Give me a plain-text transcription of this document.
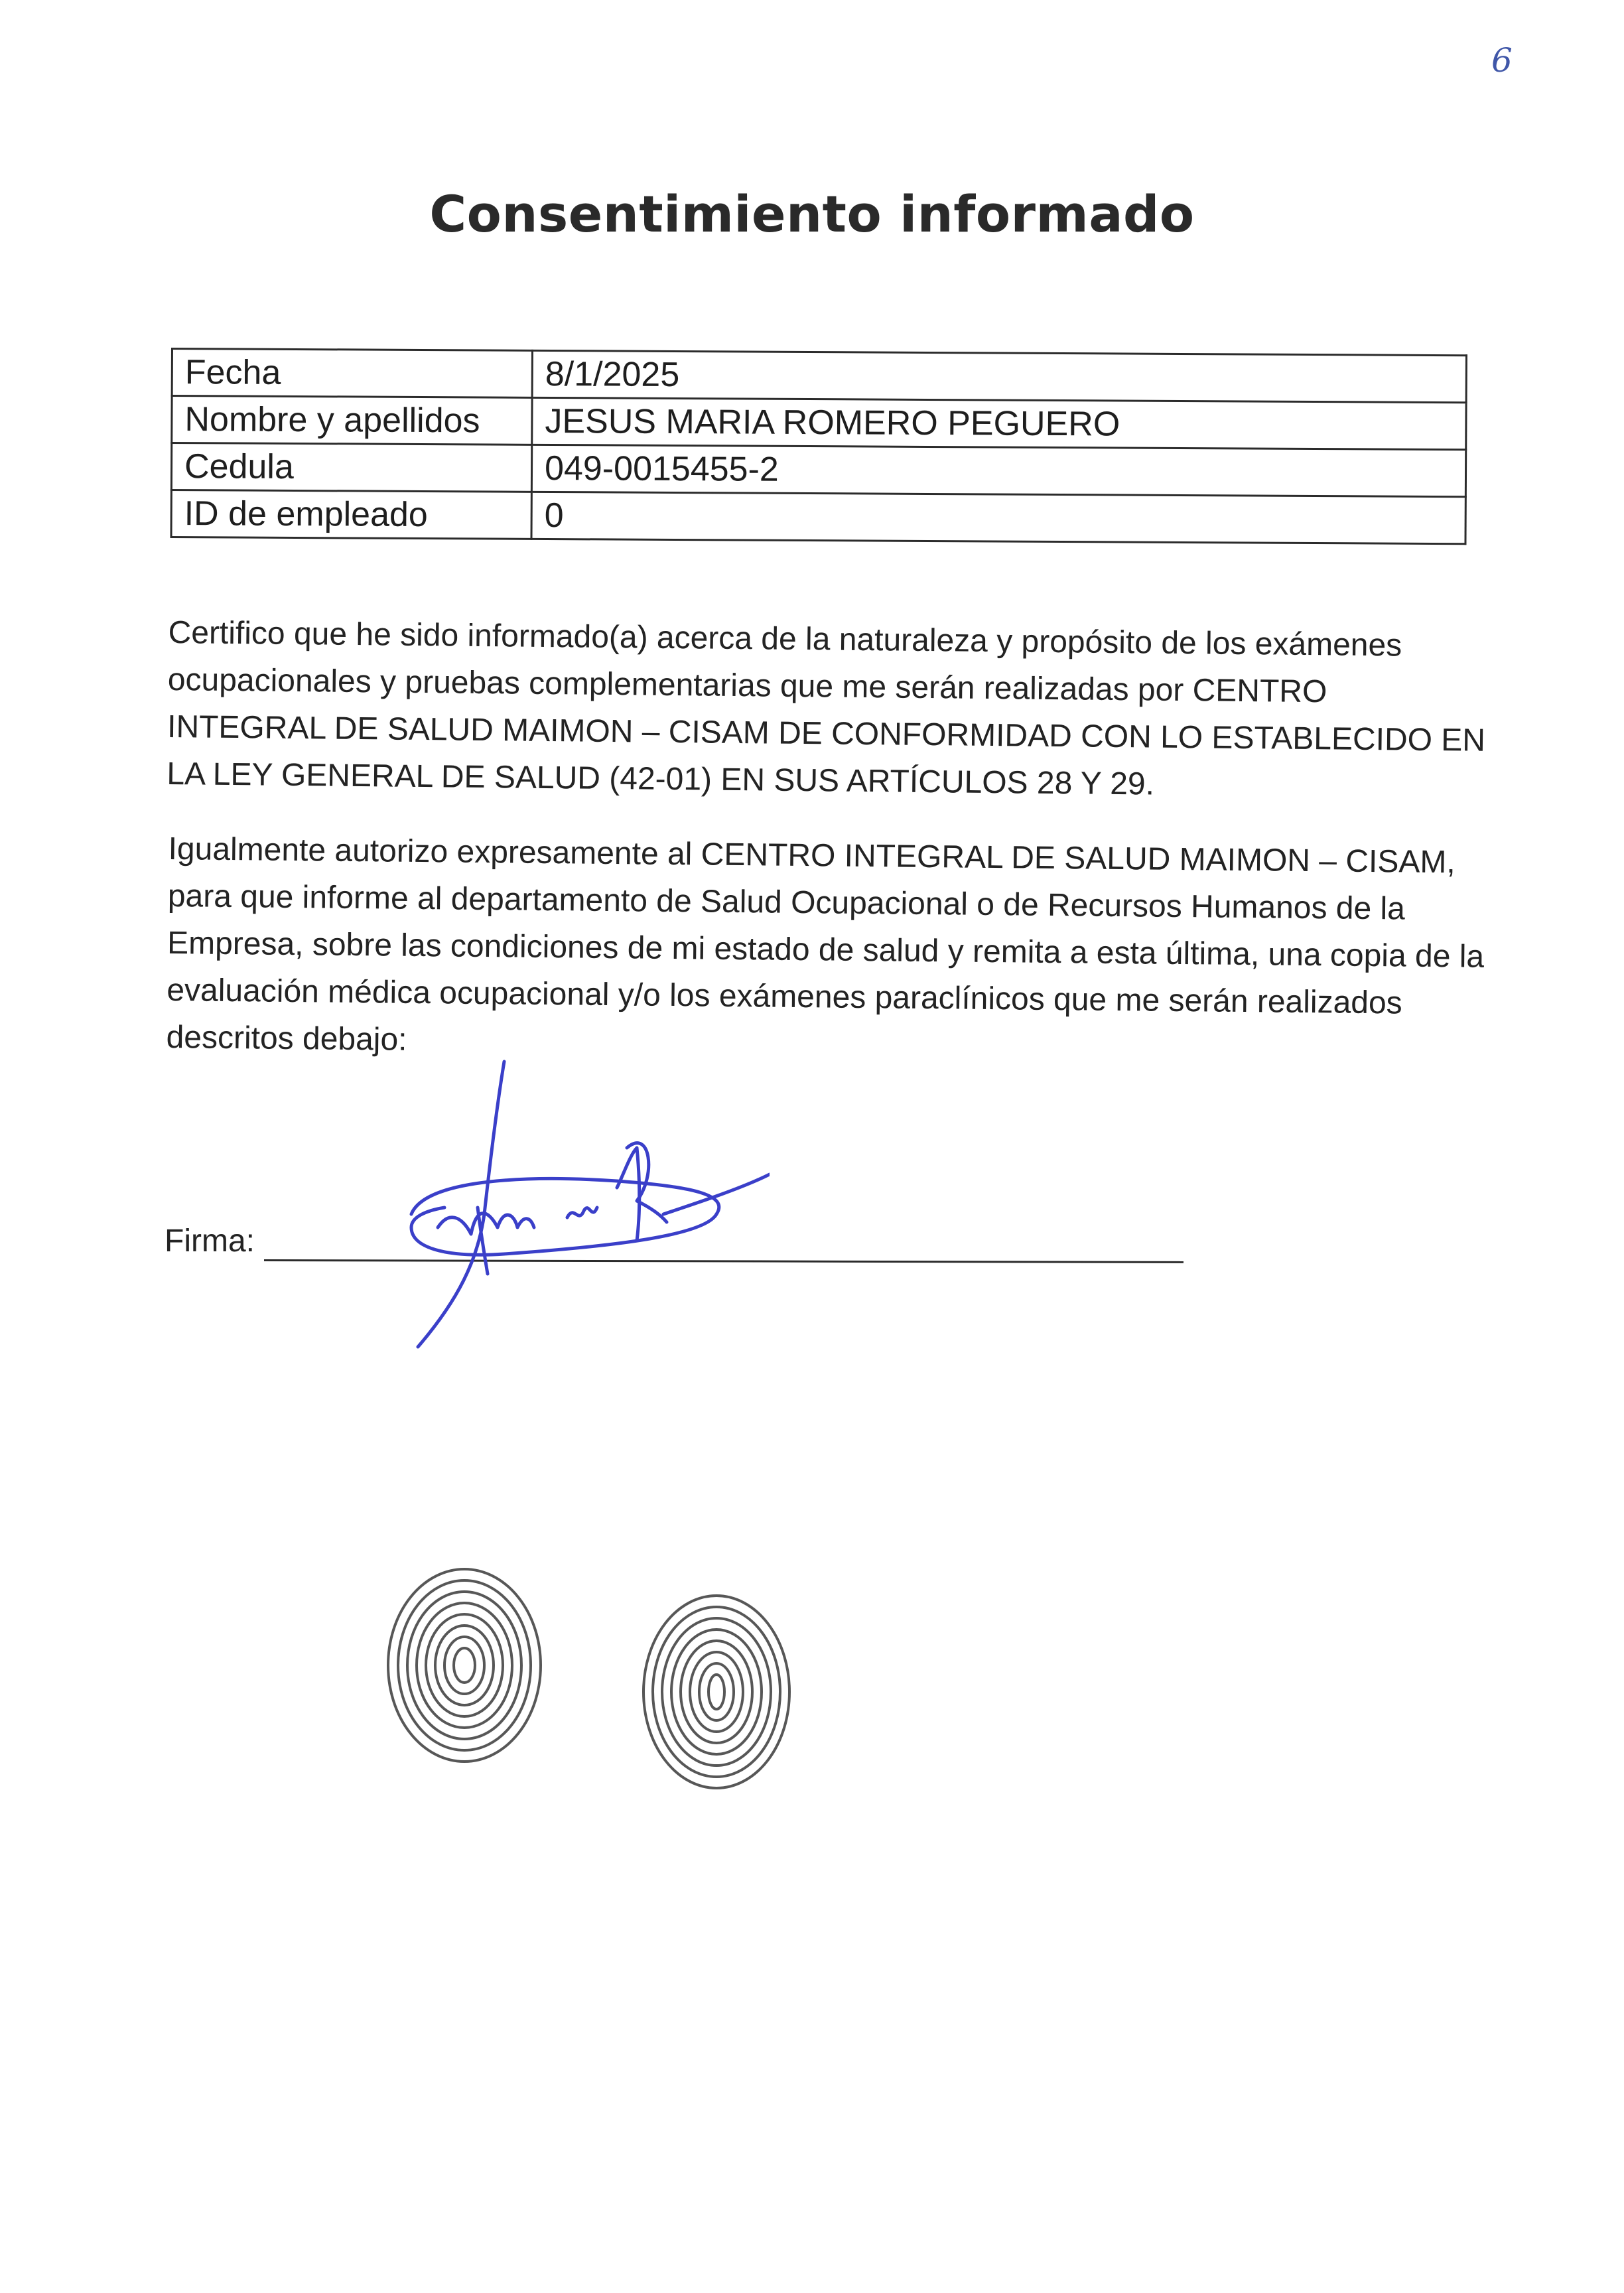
6
Consentimiento informado
Fecha	8/1/2025
Nombre y apellidos	JESUS MARIA ROMERO PEGUERO
Cedula	049-0015455-2
ID de empleado	0

Certifico que he sido informado(a) acerca de la naturaleza y propósito de los exámenes ocupacionales y pruebas complementarias que me serán realizadas por CENTRO INTEGRAL DE SALUD MAIMON – CISAM DE CONFORMIDAD CON LO ESTABLECIDO EN LA LEY GENERAL DE SALUD (42-01) EN SUS ARTÍCULOS 28 Y 29.

Igualmente autorizo expresamente al CENTRO INTEGRAL DE SALUD MAIMON – CISAM, para que informe al departamento de Salud Ocupacional o de Recursos Humanos de la Empresa, sobre las condiciones de mi estado de salud y remita a esta última, una copia de la evaluación médica ocupacional y/o los exámenes paraclínicos que me serán realizados descritos debajo:

Firma:
